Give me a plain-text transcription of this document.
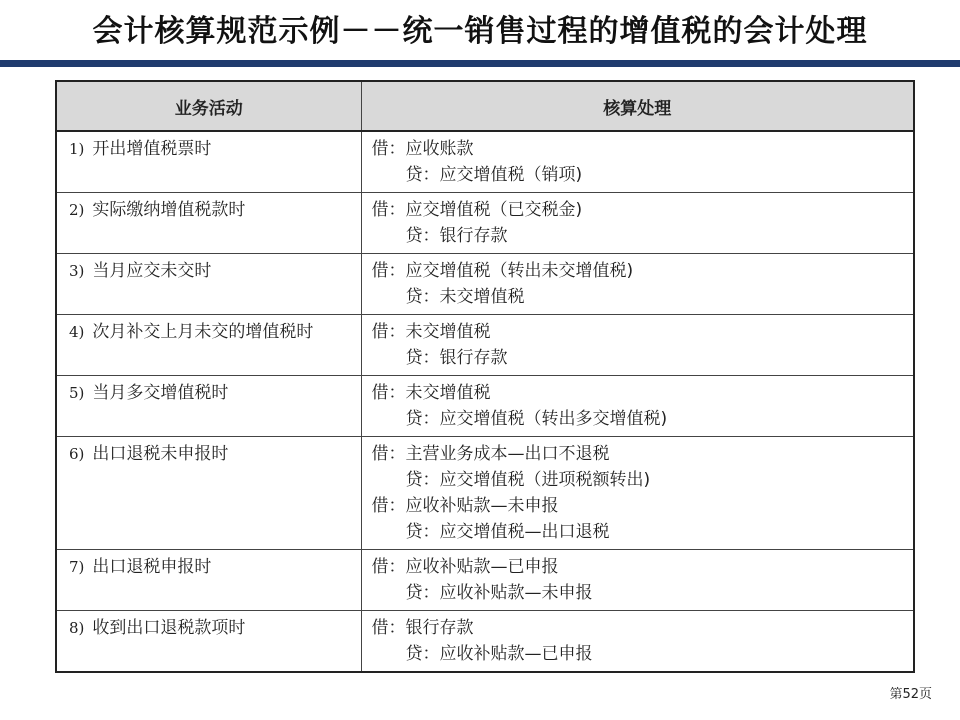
会计核算规范示例－－统一销售过程的增值税的会计处理
业务活动	核算处理
1) 开出增值税票时	借：应收账款
贷：应交增值税（销项)

2) 实际缴纳增值税款时	借：应交增值税（已交税金)
贷：银行存款

3) 当月应交未交时	借：应交增值税（转出未交增值税)
贷：未交增值税

4) 次月补交上月未交的增值税时	借：未交增值税
贷：银行存款

5) 当月多交增值税时	借：未交增值税
贷：应交增值税（转出多交增值税)

6) 出口退税未申报时	借：主营业务成本—出口不退税
贷：应交增值税（进项税额转出)
借：应收补贴款—未申报
贷：应交增值税—出口退税

7) 出口退税申报时	借：应收补贴款—已申报
贷：应收补贴款—未申报

8) 收到出口退税款项时	借：银行存款
贷：应收补贴款—已申报
第52页
